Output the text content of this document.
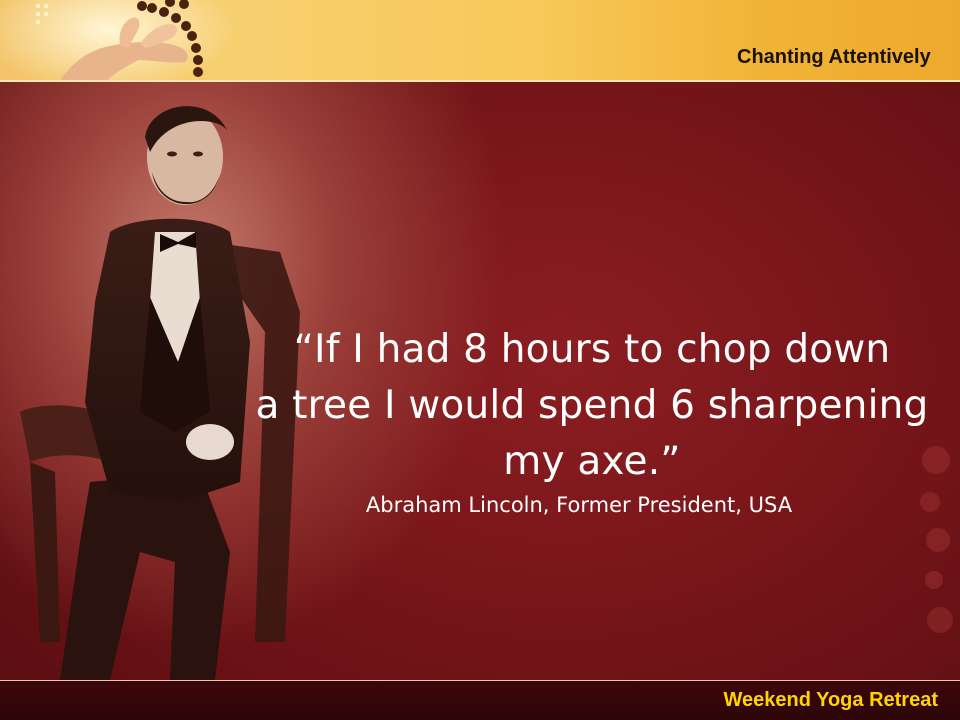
Chanting Attentively
“If I had 8 hours to chop down
a tree I would spend 6 sharpening
my axe.”
Abraham Lincoln, Former President, USA
Weekend Yoga Retreat
